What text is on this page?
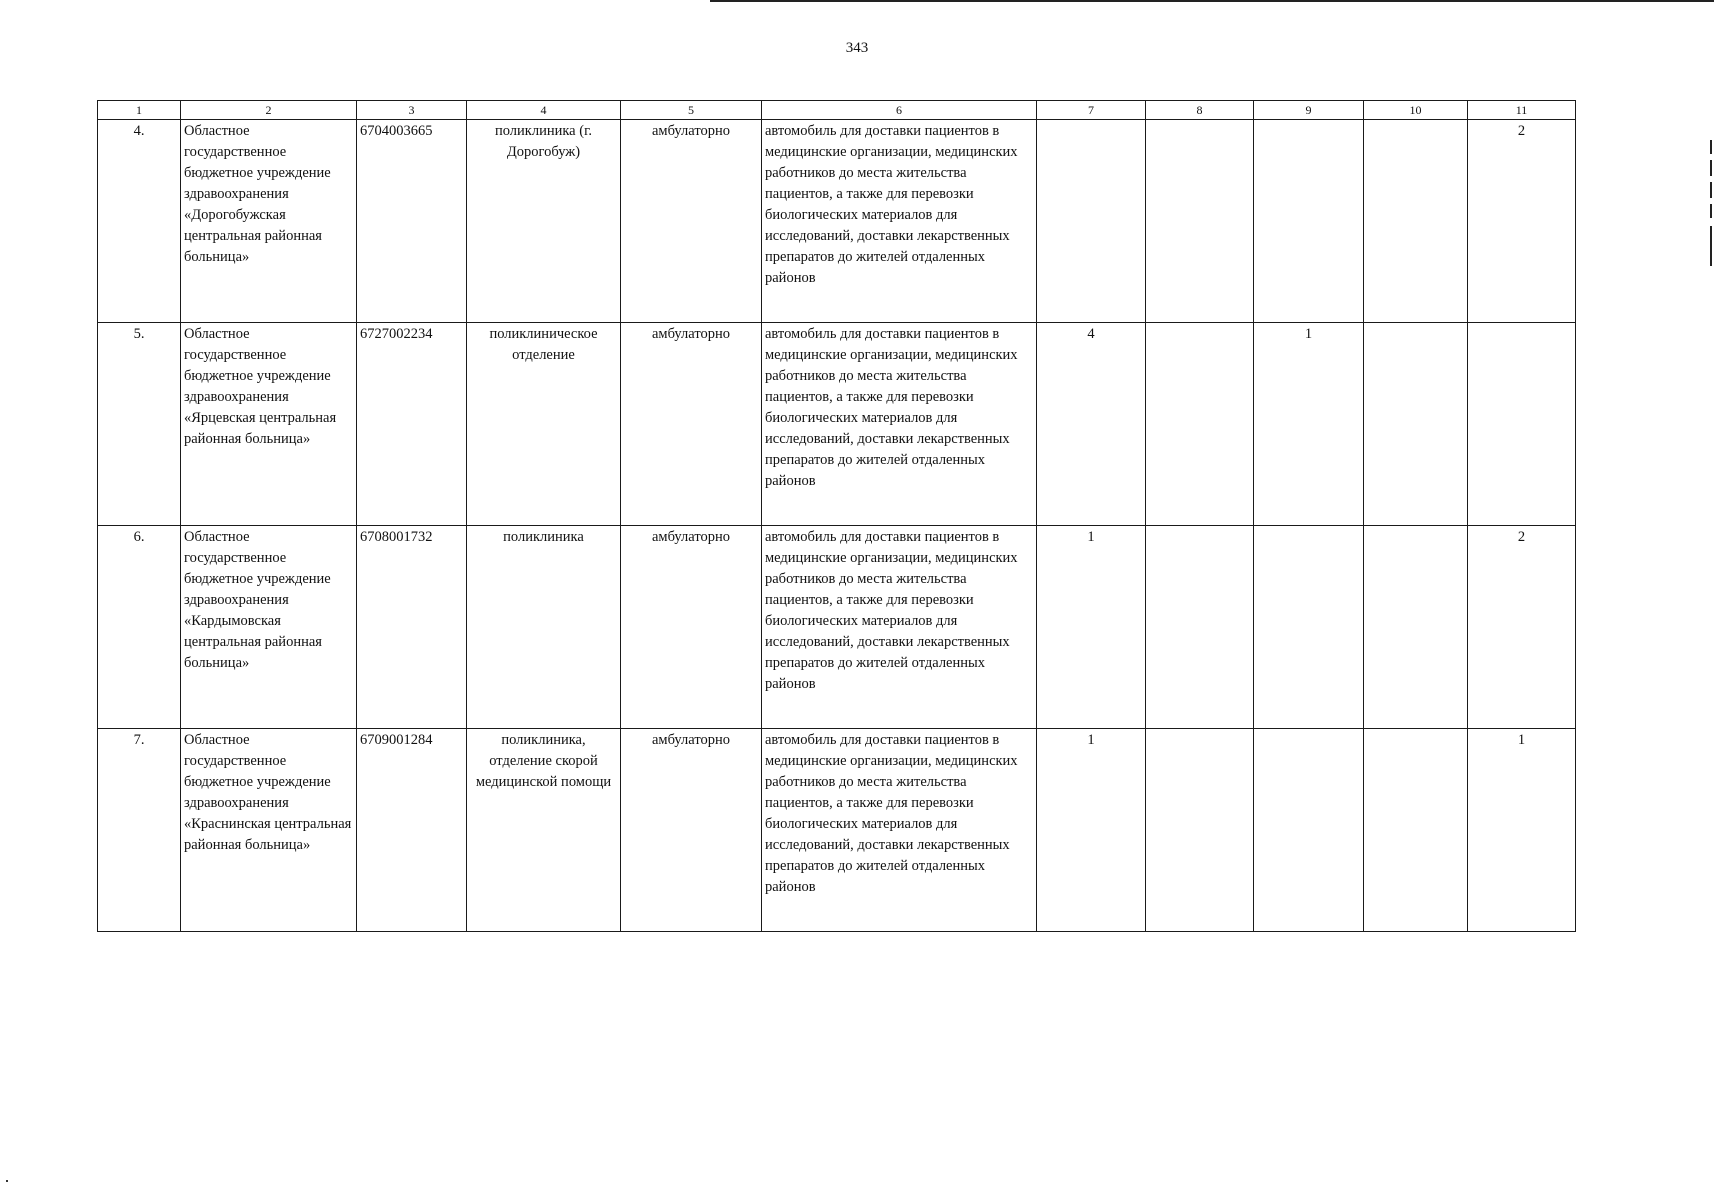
343
1	2	3	4	5	6	7	8	9	10	11
4.	Областное государственное бюджетное учреждение здравоохранения «Дорогобужская центральная районная больница»	6704003665	поликлиника (г. Дорогобуж)	амбулаторно	автомобиль для доставки пациентов в медицинские организации, медицинских работников до места жительства пациентов, а также для перевозки биологических материалов для исследований, доставки лекарственных препаратов до жителей отдаленных районов					2
5.	Областное государственное бюджетное учреждение здравоохранения «Ярцевская центральная районная больница»	6727002234	поликлиническое отделение	амбулаторно	автомобиль для доставки пациентов в медицинские организации, медицинских работников до места жительства пациентов, а также для перевозки биологических материалов для исследований, доставки лекарственных препаратов до жителей отдаленных районов	4		1		
6.	Областное государственное бюджетное учреждение здравоохранения «Кардымовская центральная районная больница»	6708001732	поликлиника	амбулаторно	автомобиль для доставки пациентов в медицинские организации, медицинских работников до места жительства пациентов, а также для перевозки биологических материалов для исследований, доставки лекарственных препаратов до жителей отдаленных районов	1				2
7.	Областное государственное бюджетное учреждение здравоохранения «Краснинская центральная районная больница»	6709001284	поликлиника, отделение скорой медицинской помощи	амбулаторно	автомобиль для доставки пациентов в медицинские организации, медицинских работников до места жительства пациентов, а также для перевозки биологических материалов для исследований, доставки лекарственных препаратов до жителей отдаленных районов	1				1
